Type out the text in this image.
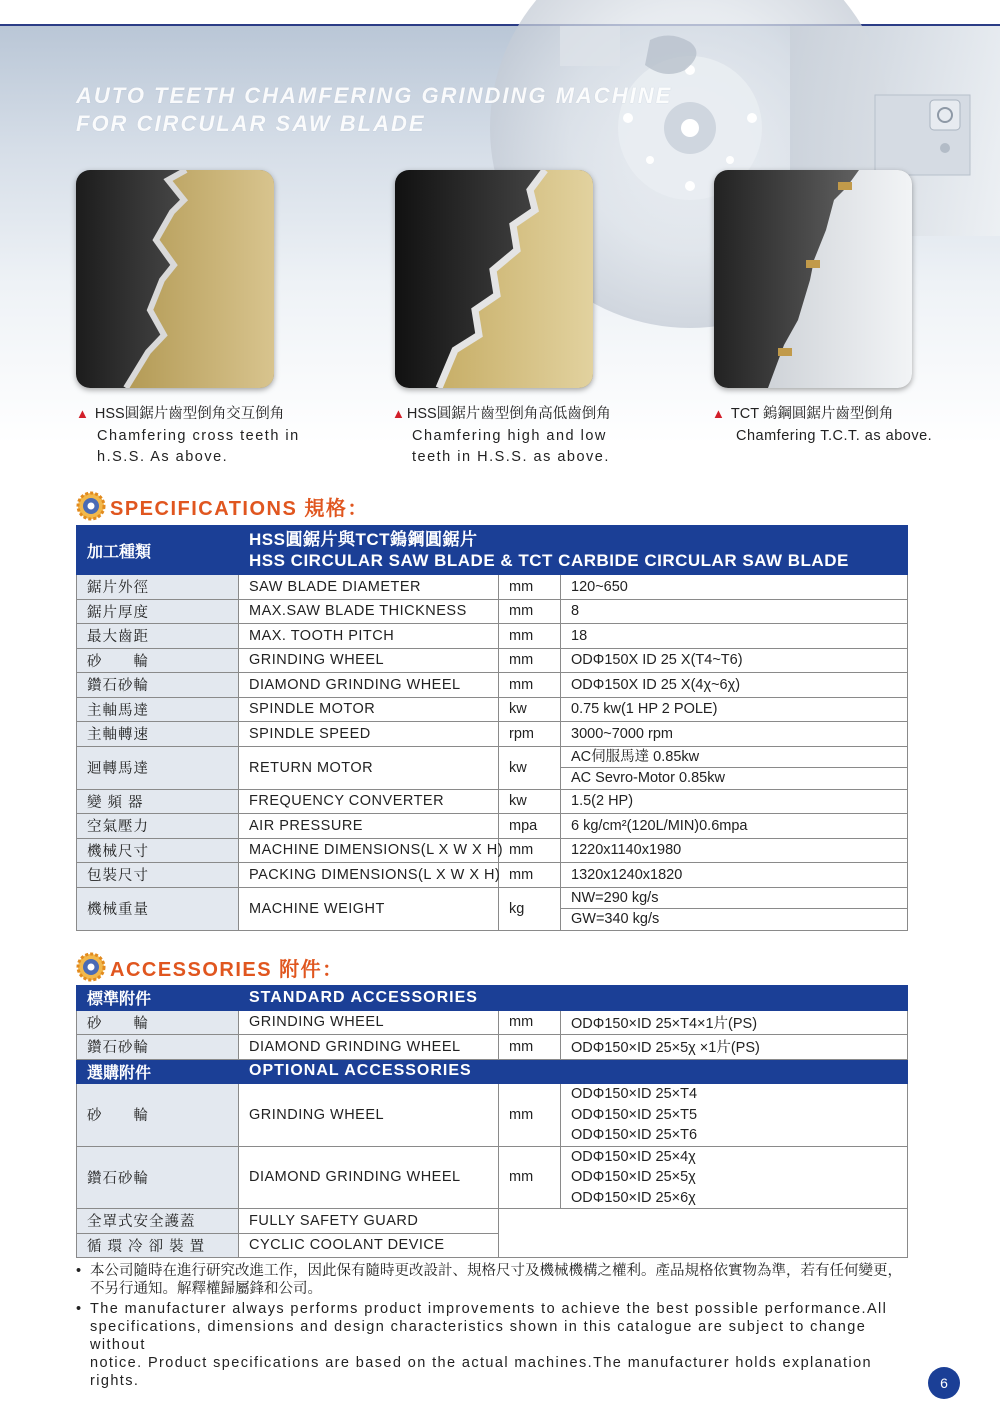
AUTO TEETH CHAMFERING GRINDING MACHINE
FOR CIRCULAR SAW BLADE
▲ HSS圓鋸片齒型倒角交互倒角
Chamfering cross teeth in
h.S.S. As above.
▲ HSS圓鋸片齒型倒角高低齒倒角
Chamfering high and low
teeth in H.S.S. as above.
▲ TCT 鎢鋼圓鋸片齒型倒角
Chamfering T.C.T. as above.
SPECIFICATIONS 規格：
加工種類	HSS圓鋸片與TCT鎢鋼圓鋸片
HSS CIRCULAR SAW BLADE & TCT CARBIDE CIRCULAR SAW BLADE		

鋸片外徑	SAW BLADE DIAMETER	mm	120~650
鋸片厚度	MAX.SAW BLADE THICKNESS	mm	8
最大齒距	MAX. TOOTH PITCH	mm	18
砂　　輪	GRINDING WHEEL	mm	ODΦ150X ID 25 X(T4~T6)
鑽石砂輪	DIAMOND GRINDING WHEEL	mm	ODΦ150X ID 25 X(4χ~6χ)
主軸馬達	SPINDLE MOTOR	kw	0.75 kw(1 HP 2 POLE)
主軸轉速	SPINDLE SPEED	rpm	3000~7000 rpm
迴轉馬達	RETURN MOTOR	kw	AC伺服馬達 0.85kw
AC Sevro-Motor 0.85kw

變 頻 器	FREQUENCY CONVERTER	kw	1.5(2 HP)
空氣壓力	AIR PRESSURE	mpa	6 kg/cm²(120L/MIN)0.6mpa
機械尺寸	MACHINE DIMENSIONS(L X W X H)	mm	1220x1140x1980
包裝尺寸	PACKING DIMENSIONS(L X W X H)	mm	1320x1240x1820
機械重量	MACHINE WEIGHT	kg	NW=290 kg/s
GW=340 kg/s
ACCESSORIES 附件：
標準附件	STANDARD ACCESSORIES		
砂　　輪	GRINDING WHEEL	mm	ODΦ150×ID 25×T4×1片(PS)
鑽石砂輪	DIAMOND GRINDING WHEEL	mm	ODΦ150×ID 25×5χ ×1片(PS)
選購附件	OPTIONAL ACCESSORIES		
砂　　輪	GRINDING WHEEL	mm	ODΦ150×ID 25×T4
ODΦ150×ID 25×T5
ODΦ150×ID 25×T6

鑽石砂輪	DIAMOND GRINDING WHEEL	mm	ODΦ150×ID 25×4χ
ODΦ150×ID 25×5χ
ODΦ150×ID 25×6χ

全罩式安全護蓋	FULLY SAFETY GUARD		
循 環 冷 卻 裝 置	CYCLIC COOLANT DEVICE		
• 本公司隨時在進行研究改進工作，因此保有隨時更改設計、規格尺寸及機械機構之權利。產品規格依實物為準，若有任何變更，
不另行通知。解釋權歸屬鋒和公司。
• The manufacturer always performs product improvements to achieve the best possible performance.All
specifications, dimensions and design characteristics shown in this catalogue are subject to change without
notice. Product specifications are based on the actual machines.The manufacturer holds explanation rights.	6
